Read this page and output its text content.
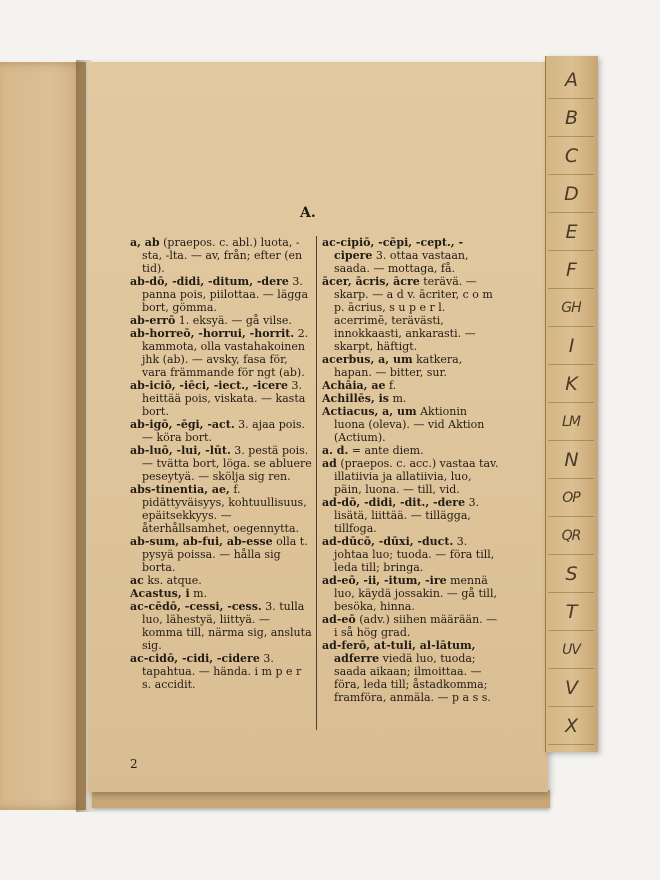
A
B
C
D
E
F
GH
I
K
LM
N
OP
QR
S
T
UV
V
X
A.
a, ab (praepos. c. abl.) luota, -sta, -lta. — av, från; efter (en tid).
ab-dō, -didi, -ditum, -dere 3. panna pois, piilottaa. — lägga bort, gömma.
ab-errō 1. eksyä. — gå vilse.
ab-horreō, -horrui, -horrit. 2. kammota, olla vastahakoinen jhk (ab). — avsky, fasa för, vara främmande för ngt (ab).
ab-iciō, -iēci, -iect., -icere 3. heittää pois, viskata. — kasta bort.
ab-igō, -ēgi, -act. 3. ajaa pois. — köra bort.
ab-luō, -lui, -lūt. 3. pestä pois. — tvätta bort, löga. se abluere peseytyä. — skölja sig ren.
abs-tinentia, ae, f. pidättyväisyys, kohtuullisuus, epäitsekkyys. — återhållsamhet, oegennytta.
ab-sum, ab-fui, ab-esse olla t. pysyä poissa. — hålla sig borta.
ac ks. atque.
Acastus, i m.
ac-cēdō, -cessi, -cess. 3. tulla luo, lähestyä, liittyä. — komma till, närma sig, ansluta sig.
ac-cidō, -cidi, -cidere 3. tapahtua. — hända. i m p e r s. accidit.
ac-cipiō, -cēpi, -cept., -cipere 3. ottaa vastaan, saada. — mottaga, få.
ācer, ācris, ācre terävä. — skarp. — a d v. ācriter, c o m p. ācrius, s u p e r l. acerrimē, terävästi, innokkaasti, ankarasti. — skarpt, häftigt.
acerbus, a, um katkera, hapan. — bitter, sur.
Achāia, ae f.
Achillēs, is m.
Actiacus, a, um Aktionin luona (oleva). — vid Aktion (Actium).
a. d. = ante diem.
ad (praepos. c. acc.) vastaa tav. illatiivia ja allatiivia, luo, päin, luona. — till, vid.
ad-dō, -didi, -dit., -dere 3. lisätä, liittää. — tillägga, tillfoga.
ad-dūcō, -dūxi, -duct. 3. johtaa luo; tuoda. — föra till, leda till; bringa.
ad-eō, -ii, -itum, -ire mennä luo, käydä jossakin. — gå till, besöka, hinna.
ad-eō (adv.) siihen määrään. — i så hög grad.
ad-ferō, at-tuli, al-lātum, adferre viedä luo, tuoda; saada aikaan; ilmoittaa. — föra, leda till; åstadkomma; framföra, anmäla. — p a s s.
2
